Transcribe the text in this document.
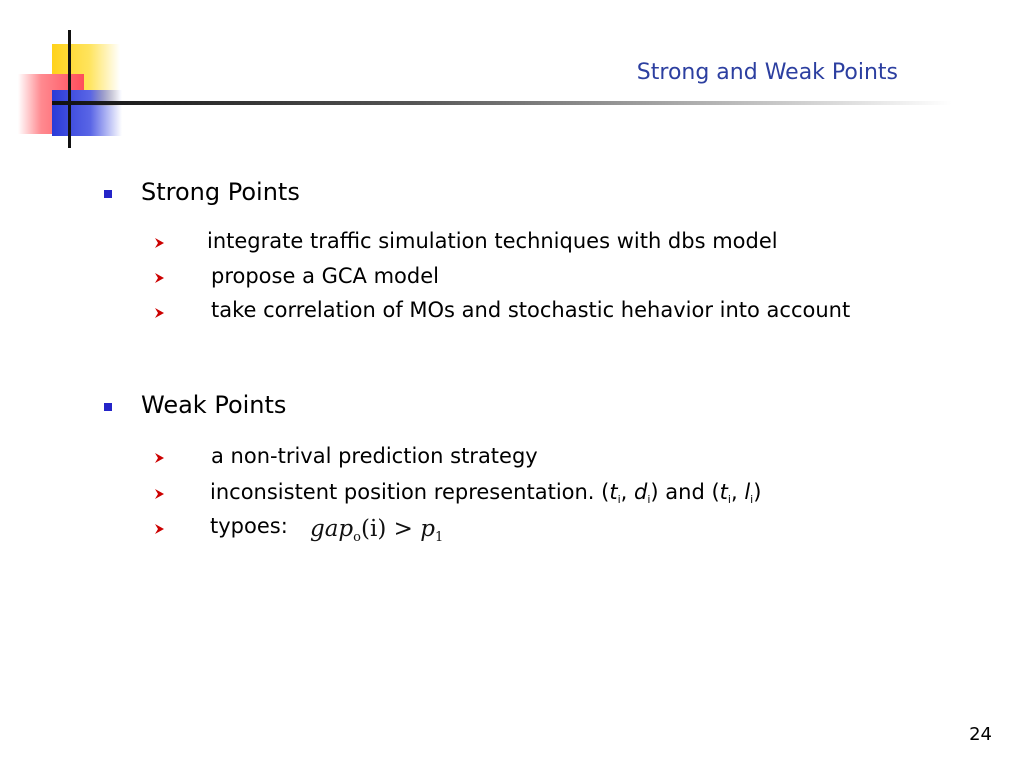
Strong and Weak Points
Strong Points
integrate traffic simulation techniques with dbs model
propose a GCA model
take correlation of MOs and stochastic hehavior into account
Weak Points
a non-trival prediction strategy
inconsistent position representation. ($t_i$, $d_i$) and ($t_i$, $l_i$)
typoes: $gap_o(i) > p_1$
24
